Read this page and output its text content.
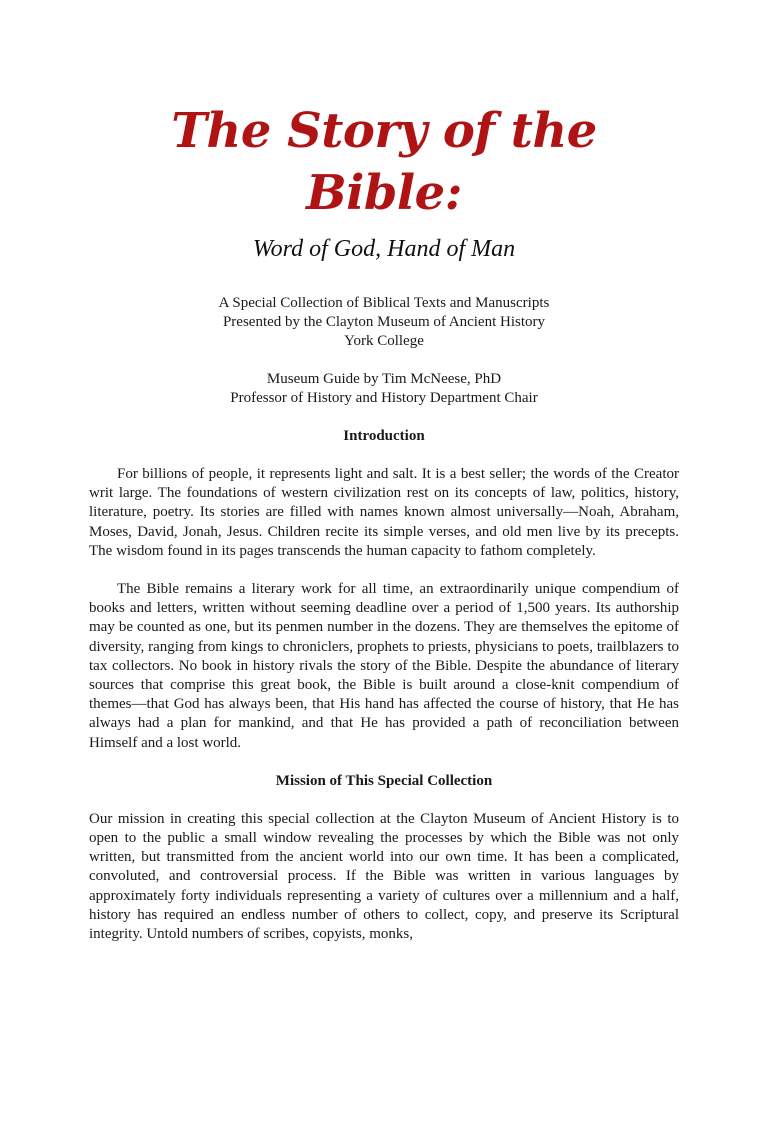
The Story of the Bible:
Word of God, Hand of Man
A Special Collection of Biblical Texts and Manuscripts
Presented by the Clayton Museum of Ancient History
York College
Museum Guide by Tim McNeese, PhD
Professor of History and History Department Chair
Introduction

For billions of people, it represents light and salt. It is a best seller; the words of the Creator writ large. The foundations of western civilization rest on its concepts of law, politics, history, literature, poetry. Its stories are filled with names known almost universally—Noah, Abraham, Moses, David, Jonah, Jesus. Children recite its simple verses, and old men live by its precepts. The wisdom found in its pages transcends the human capacity to fathom completely.

The Bible remains a literary work for all time, an extraordinarily unique compendium of books and letters, written without seeming deadline over a period of 1,500 years. Its authorship may be counted as one, but its penmen number in the dozens. They are themselves the epitome of diversity, ranging from kings to chroniclers, prophets to priests, physicians to poets, trailblazers to tax collectors. No book in history rivals the story of the Bible. Despite the abundance of literary sources that comprise this great book, the Bible is built around a close-knit compendium of themes—that God has always been, that His hand has affected the course of history, that He has always had a plan for mankind, and that He has provided a path of reconciliation between Himself and a lost world.

Mission of This Special Collection

Our mission in creating this special collection at the Clayton Museum of Ancient History is to open to the public a small window revealing the processes by which the Bible was not only written, but transmitted from the ancient world into our own time. It has been a complicated, convoluted, and controversial process. If the Bible was written in various languages by approximately forty individuals representing a variety of cultures over a millennium and a half, history has required an endless number of others to collect, copy, and preserve its Scriptural integrity. Untold numbers of scribes, copyists, monks,
